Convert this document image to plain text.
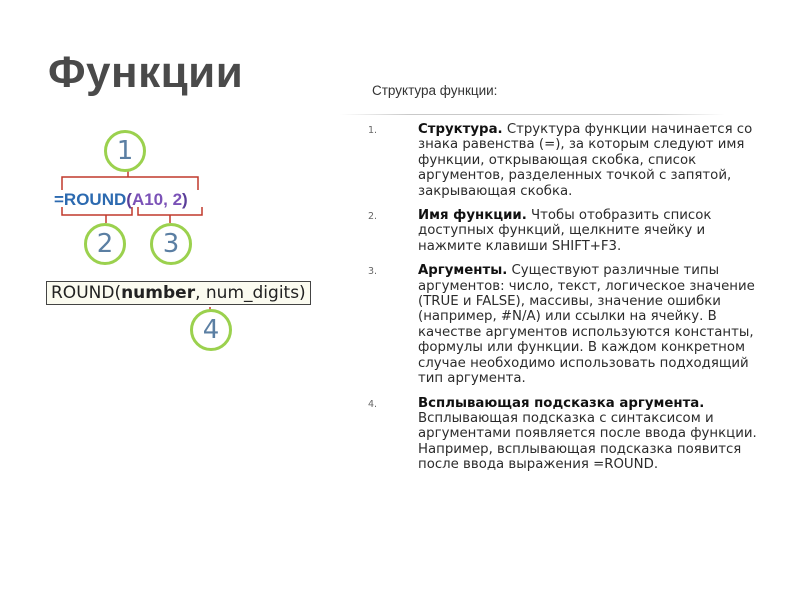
Функции	Структура функции:
1
2	3
4
=ROUND(A10, 2)
ROUND(number, num_digits)
1.	Структура. Структура функции начинается со знака равенства (=), за которым следуют имя функции, открывающая скобка, список аргументов, разделенных точкой с запятой, закрывающая скобка.
2.	Имя функции. Чтобы отобразить список доступных функций, щелкните ячейку и нажмите клавиши SHIFT+F3.
3.	Аргументы. Существуют различные типы аргументов: число, текст, логическое значение (TRUE и FALSE), массивы, значение ошибки (например, #N/A) или ссылки на ячейку. В качестве аргументов используются константы, формулы или функции. В каждом конкретном случае необходимо использовать подходящий тип аргумента.
4.	Всплывающая подсказка аргумента. Всплывающая подсказка с синтаксисом и аргументами появляется после ввода функции. Например, всплывающая подсказка появится после ввода выражения =ROUND.
